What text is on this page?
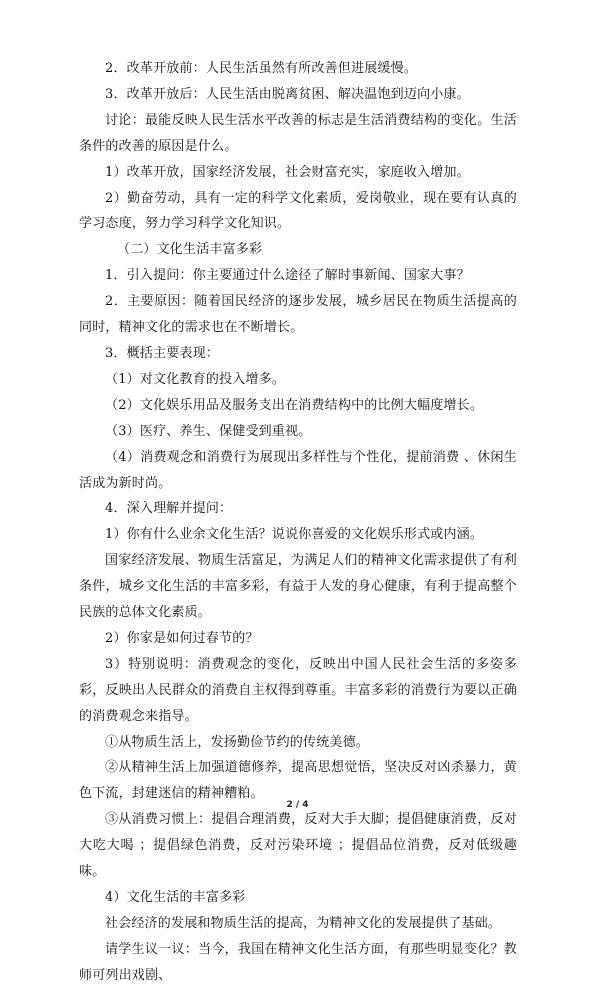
2．改革开放前：人民生活虽然有所改善但进展缓慢。

3．改革开放后：人民生活由脱离贫困、解决温饱到迈向小康。

讨论：最能反映人民生活水平改善的标志是生活消费结构的变化。生活条件的改善的原因是什么。

1）改革开放，国家经济发展，社会财富充实，家庭收入增加。

2）勤奋劳动，具有一定的科学文化素质，爱岗敬业，现在要有认真的学习态度，努力学习科学文化知识。

（二）文化生活丰富多彩

1．引入提问：你主要通过什么途径了解时事新闻、国家大事？

2．主要原因：随着国民经济的逐步发展，城乡居民在物质生活提高的同时，精神文化的需求也在不断增长。

3．概括主要表现：

（1）对文化教育的投入增多。

（2）文化娱乐用品及服务支出在消费结构中的比例大幅度增长。

（3）医疗、养生、保健受到重视。

（4）消费观念和消费行为展现出多样性与个性化，提前消费 、休闲生活成为新时尚。

4．深入理解并提问：

1）你有什么业余文化生活？说说你喜爱的文化娱乐形式或内涵。

国家经济发展、物质生活富足，为满足人们的精神文化需求提供了有利条件，城乡文化生活的丰富多彩，有益于人发的身心健康，有利于提高整个民族的总体文化素质。

2）你家是如何过春节的？

3）特别说明：消费观念的变化，反映出中国人民社会生活的多姿多彩，反映出人民群众的消费自主权得到尊重。丰富多彩的消费行为要以正确的消费观念来指导。

①从物质生活上，发扬勤俭节约的传统美德。

②从精神生活上加强道德修养，提高思想觉悟，坚决反对凶杀暴力，黄色下流，封建迷信的精神糟粕。

③从消费习惯上：提倡合理消费，反对大手大脚；提倡健康消费，反对大吃大喝 ；提倡绿色消费，反对污染环境 ；提倡品位消费，反对低级趣味。

4）文化生活的丰富多彩

社会经济的发展和物质生活的提高，为精神文化的发展提供了基础。

请学生议一议：当今，我国在精神文化生活方面，有那些明显变化？教师可列出戏剧、

2 / 4
